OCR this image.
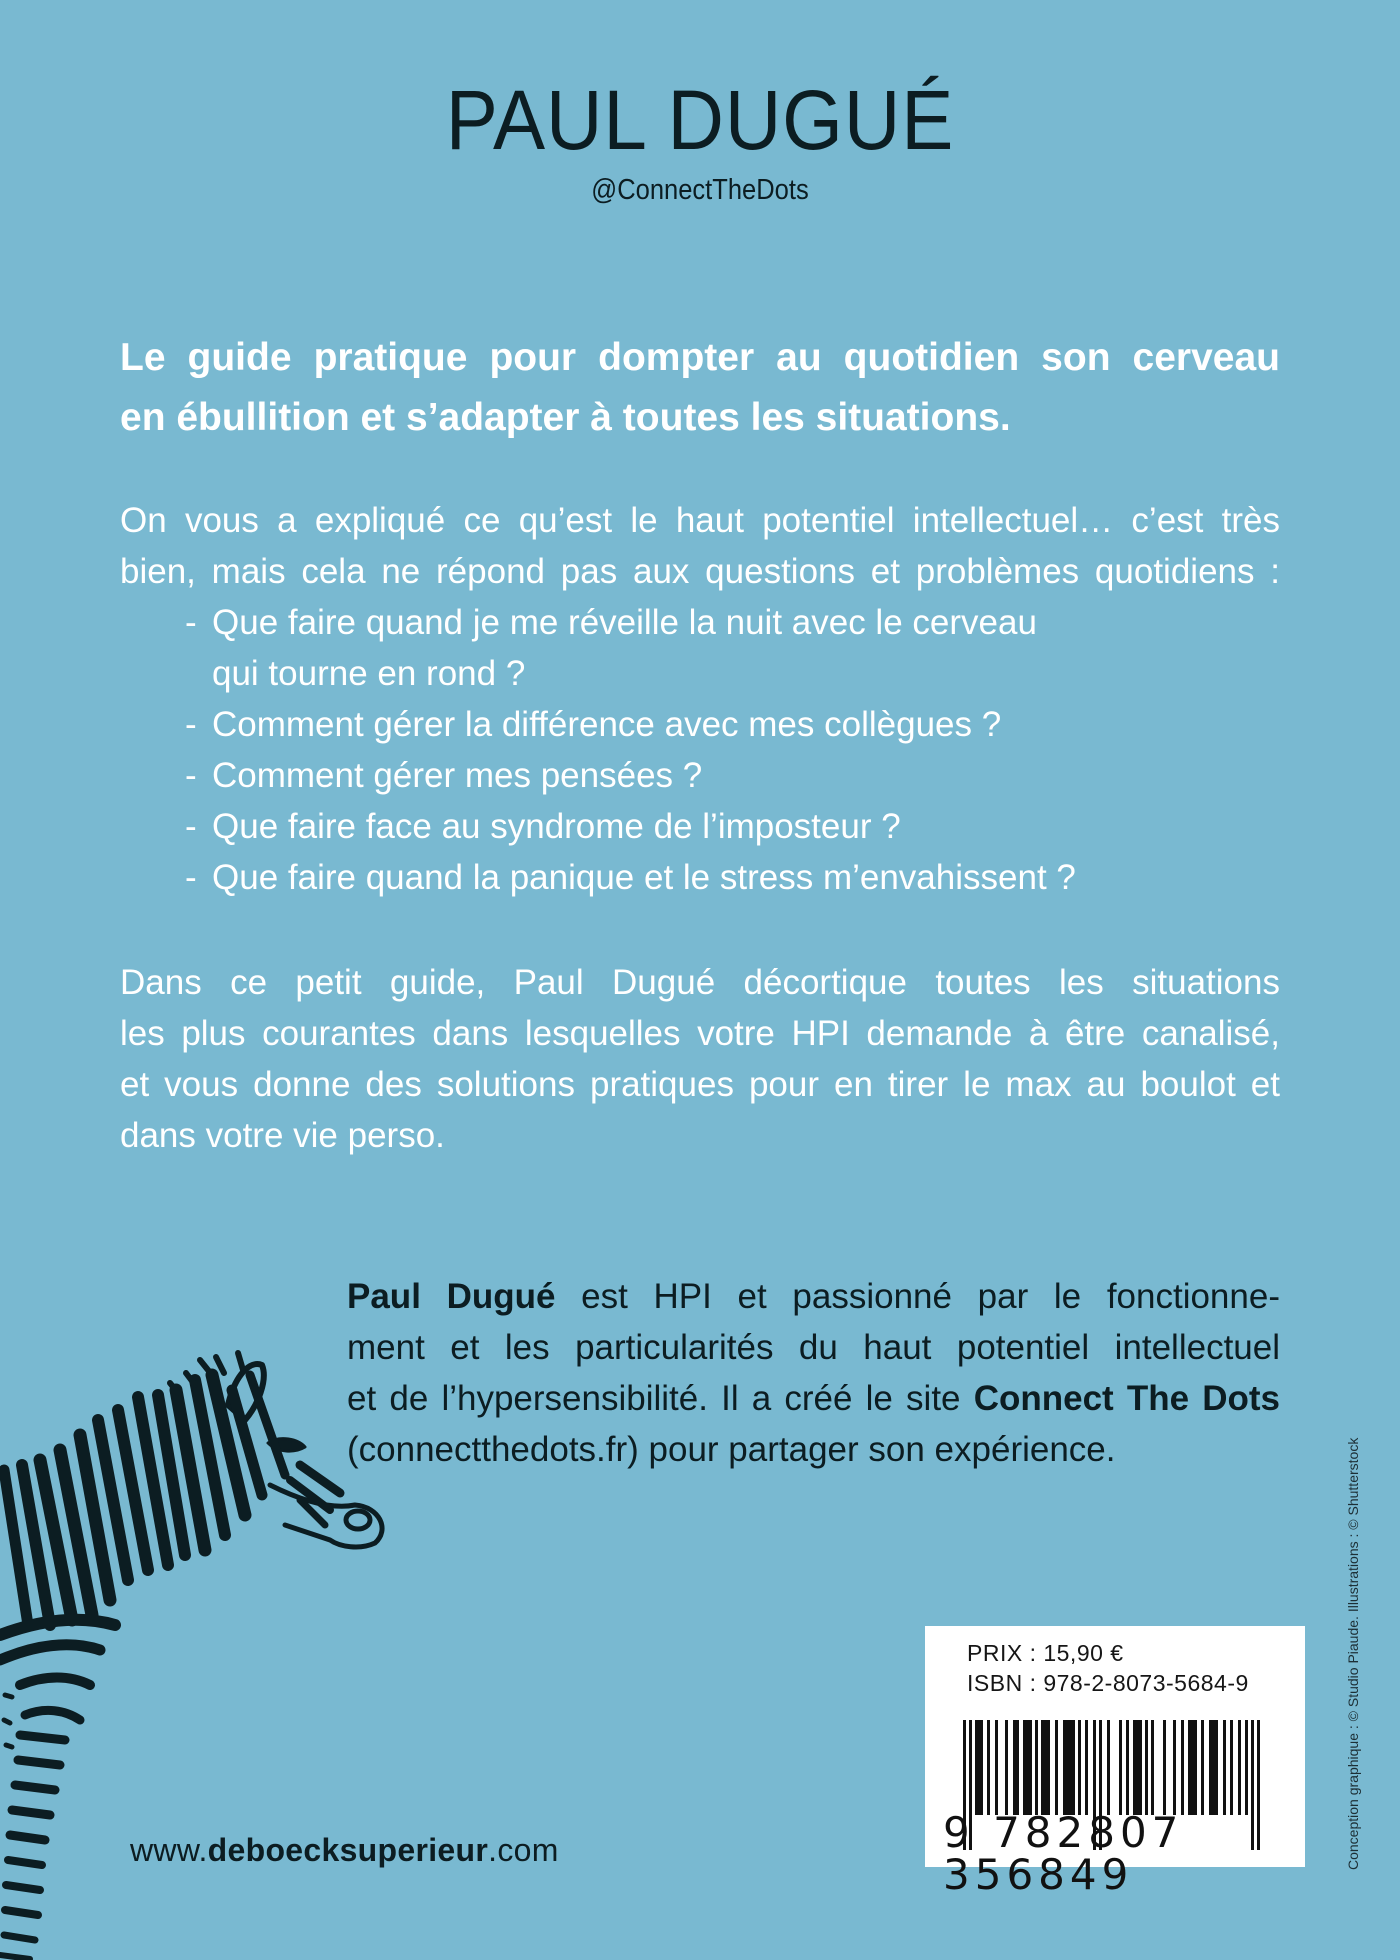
PAUL DUGUÉ
@ConnectTheDots
Le guide pratique pour dompter au quotidien son cerveau
en ébullition et s’adapter à toutes les situations.
On vous a expliqué ce qu’est le haut potentiel intellectuel… c’est très
bien, mais cela ne répond pas aux questions et problèmes quotidiens :
- Que faire quand je me réveille la nuit avec le cerveau
qui tourne en rond ?
- Comment gérer la différence avec mes collègues ?
- Comment gérer mes pensées ?
- Que faire face au syndrome de l’imposteur ?
- Que faire quand la panique et le stress m’envahissent ?
Dans ce petit guide, Paul Dugué décortique toutes les situations
les plus courantes dans lesquelles votre HPI demande à être canalisé,
et vous donne des solutions pratiques pour en tirer le max au boulot et
dans votre vie perso.
Paul Dugué est HPI et passionné par le fonctionne-
ment et les particularités du haut potentiel intellectuel
et de l’hypersensibilité. Il a créé le site Connect The Dots
(connectthedots.fr) pour partager son expérience.
www.deboecksuperieur.com
PRIX : 15,90 €
ISBN : 978-2-8073-5684-9
9 782807 356849
Conception graphique : © Studio Piaude. Illustrations : © Shutterstock
